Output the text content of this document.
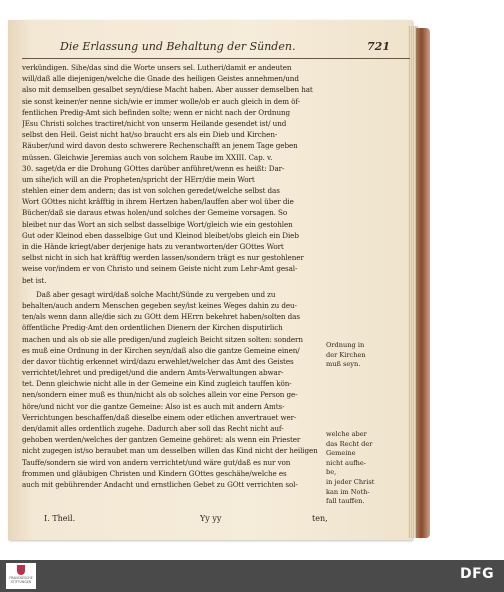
Die Erlassung und Behaltung der Sünden.	721
verkündigen. Sihe/das sind die Worte unsers sel. Lutheri/damit er andeuten
will/daß alle diejenigen/welche die Gnade des heiligen Geistes annehmen/und
also mit demselben gesalbet seyn/diese Macht haben. Aber ausser demselben hat
sie sonst keiner/er nenne sich/wie er immer wolle/ob er auch gleich in dem öf-
fentlichen Predig-Amt sich befinden solte; wenn er nicht nach der Ordnung
JEsu Christi solches tractiret/nicht von unserm Heilande gesendet ist/ und
selbst den Heil. Geist nicht hat/so braucht ers als ein Dieb und Kirchen-
Räuber/und wird davon desto schwerere Rechenschafft an jenem Tage geben
müssen. Gleichwie Jeremias auch von solchem Raube im XXIII. Cap. v.
30. saget/da er die Drohung GOttes darüber anführet/wenn es heißt: Dar-
um sihe/ich will an die Propheten/spricht der HErr/die mein Wort
stehlen einer dem andern; das ist von solchen geredet/welche selbst das
Wort GOttes nicht kräfftig in ihrem Hertzen haben/lauffen aber wol über die
Bücher/daß sie daraus etwas holen/und solches der Gemeine vorsagen. So
bleibet nur das Wort an sich selbst dasselbige Wort/gleich wie ein gestohlen
Gut oder Kleinod eben dasselbige Gut und Kleinod bleibet/obs gleich ein Dieb
in die Hände kriegt/aber derjenige hats zu verantworten/der GOttes Wort
selbst nicht in sich hat kräfftig werden lassen/sondern trägt es nur gestohlener
weise vor/indem er von Christo und seinem Geiste nicht zum Lehr-Amt gesal-
bet ist.
Daß aber gesagt wird/daß solche Macht/Sünde zu vergeben und zu
behalten/auch andern Menschen gegeben sey/ist keines Weges dahin zu deu-
ten/als wenn dann alle/die sich zu GOtt dem HErrn bekehret haben/solten das
öffentliche Predig-Amt den ordentlichen Dienern der Kirchen disputirlich
machen und als ob sie alle predigen/und zugleich Beicht sitzen solten: sondern
es muß eine Ordnung in der Kirchen seyn/daß also die gantze Gemeine einen/
der davor tüchtig erkennet wird/dazu erwehlet/welcher das Amt des Geistes
verrichtet/lehret und prediget/und die andern Amts-Verwaltungen abwar-
tet. Denn gleichwie nicht alle in der Gemeine ein Kind zugleich tauffen kön-
nen/sondern einer muß es thun/nicht als ob solches allein vor eine Person ge-
höre/und nicht vor die gantze Gemeine: Also ist es auch mit andern Amts-
Verrichtungen beschaffen/daß dieselbe einem oder etlichen anvertrauet wer-
den/damit alles ordentlich zugehe. Dadurch aber soll das Recht nicht auf-
gehoben werden/welches der gantzen Gemeine gehöret: als wenn ein Priester
nicht zugegen ist/so beraubet man um desselben willen das Kind nicht der heiligen
Tauffe/sondern sie wird von andern verrichtet/und wäre gut/daß es nur von
frommen und gläubigen Christen und Kindern GOttes geschähe/welche es
auch mit gebührender Andacht und ernstlichen Gebet zu GOtt verrichten sol-
Ordnung in
der Kirchen
muß seyn.
welche aber
das Recht der
Gemeine
nicht aufhe-
be,
in jeder Christ
kan im Noth-
fall tauffen.
I. Theil.	Yy yy	ten,
FRANCKESCHE STIFTUNGEN	DFG
